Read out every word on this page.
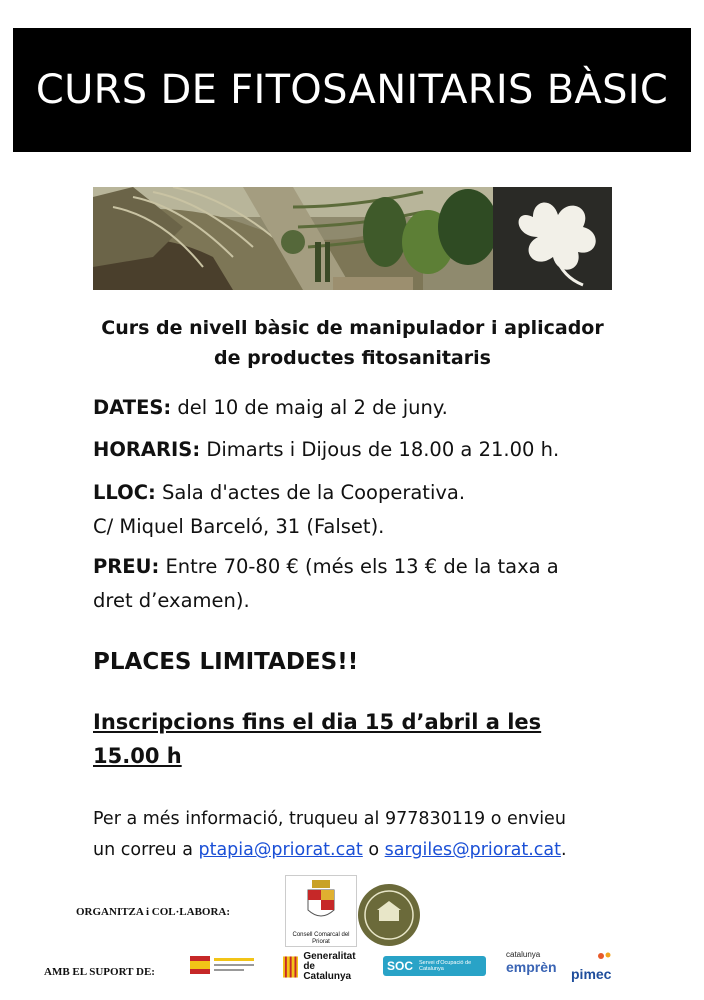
CURS DE FITOSANITARIS BÀSIC
Curs de nivell bàsic de manipulador i aplicador
de productes fitosanitaris
DATES: del 10 de maig al 2 de juny.
HORARIS: Dimarts i Dijous de 18.00 a 21.00 h.
LLOC: Sala d'actes de la Cooperativa.
C/ Miquel Barceló, 31 (Falset).
PREU: Entre 70-80 € (més els 13 € de la taxa a
dret d’examen).
PLACES LIMITADES!!
Inscripcions fins el dia 15 d’abril a les 15.00 h
Per a més informació, truqueu al 977830119 o envieu
un correu a ptapia@priorat.cat o sargiles@priorat.cat.
ORGANITZA i COL·LABORA:
Consell Comarcal del Priorat
AMB EL SUPORT DE:
Generalitat
de Catalunya
SOC Servei d'Ocupació de Catalunya
catalunya
emprèn pimec
